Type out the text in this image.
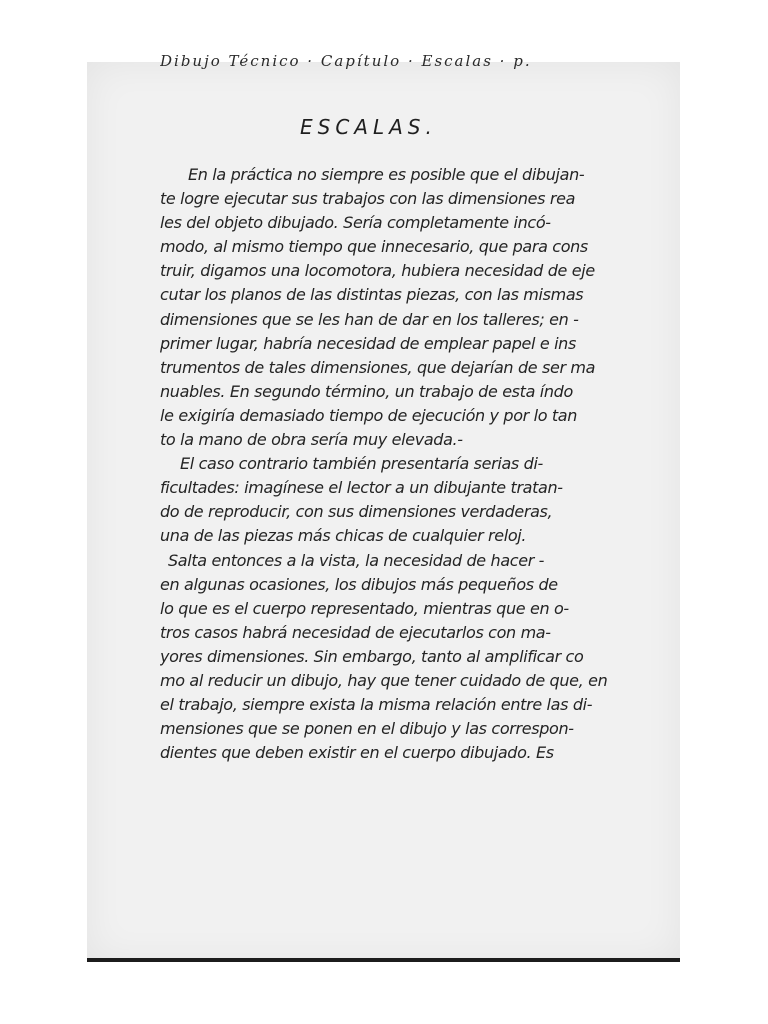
Dibujo Técnico · Capítulo · Escalas · p.
ESCALAS.
En la práctica no siempre es posible que el dibujan-
te logre ejecutar sus trabajos con las dimensiones rea
les del objeto dibujado. Sería completamente incó-
modo, al mismo tiempo que innecesario, que para cons
truir, digamos una locomotora, hubiera necesidad de eje
cutar los planos de las distintas piezas, con las mismas
dimensiones que se les han de dar en los talleres; en -
primer lugar, habría necesidad de emplear papel e ins
trumentos de tales dimensiones, que dejarían de ser ma
nuables. En segundo término, un trabajo de esta índo
le exigiría demasiado tiempo de ejecución y por lo tan
to la mano de obra sería muy elevada.-
El caso contrario también presentaría serias di-
ficultades: imagínese el lector a un dibujante tratan-
do de reproducir, con sus dimensiones verdaderas,
una de las piezas más chicas de cualquier reloj.
Salta entonces a la vista, la necesidad de hacer -
en algunas ocasiones, los dibujos más pequeños de
lo que es el cuerpo representado, mientras que en o-
tros casos habrá necesidad de ejecutarlos con ma-
yores dimensiones. Sin embargo, tanto al amplificar co
mo al reducir un dibujo, hay que tener cuidado de que, en
el trabajo, siempre exista la misma relación entre las di-
mensiones que se ponen en el dibujo y las correspon-
dientes que deben existir en el cuerpo dibujado. Es
